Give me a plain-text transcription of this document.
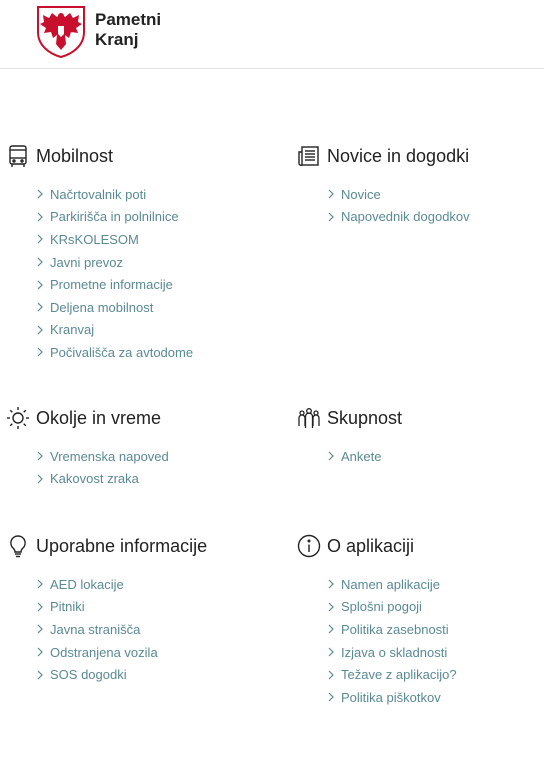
Pametni
Kranj
Mobilnost
Načrtovalnik poti
Parkirišča in polnilnice
KRsKOLESOM
Javni prevoz
Prometne informacije
Deljena mobilnost
Kranvaj
Počivališča za avtodome
Novice in dogodki
Novice
Napovednik dogodkov
Okolje in vreme
Vremenska napoved
Kakovost zraka
Skupnost
Ankete
Uporabne informacije
AED lokacije
Pitniki
Javna stranišča
Odstranjena vozila
SOS dogodki
O aplikaciji
Namen aplikacije
Splošni pogoji
Politika zasebnosti
Izjava o skladnosti
Težave z aplikacijo?
Politika piškotkov
